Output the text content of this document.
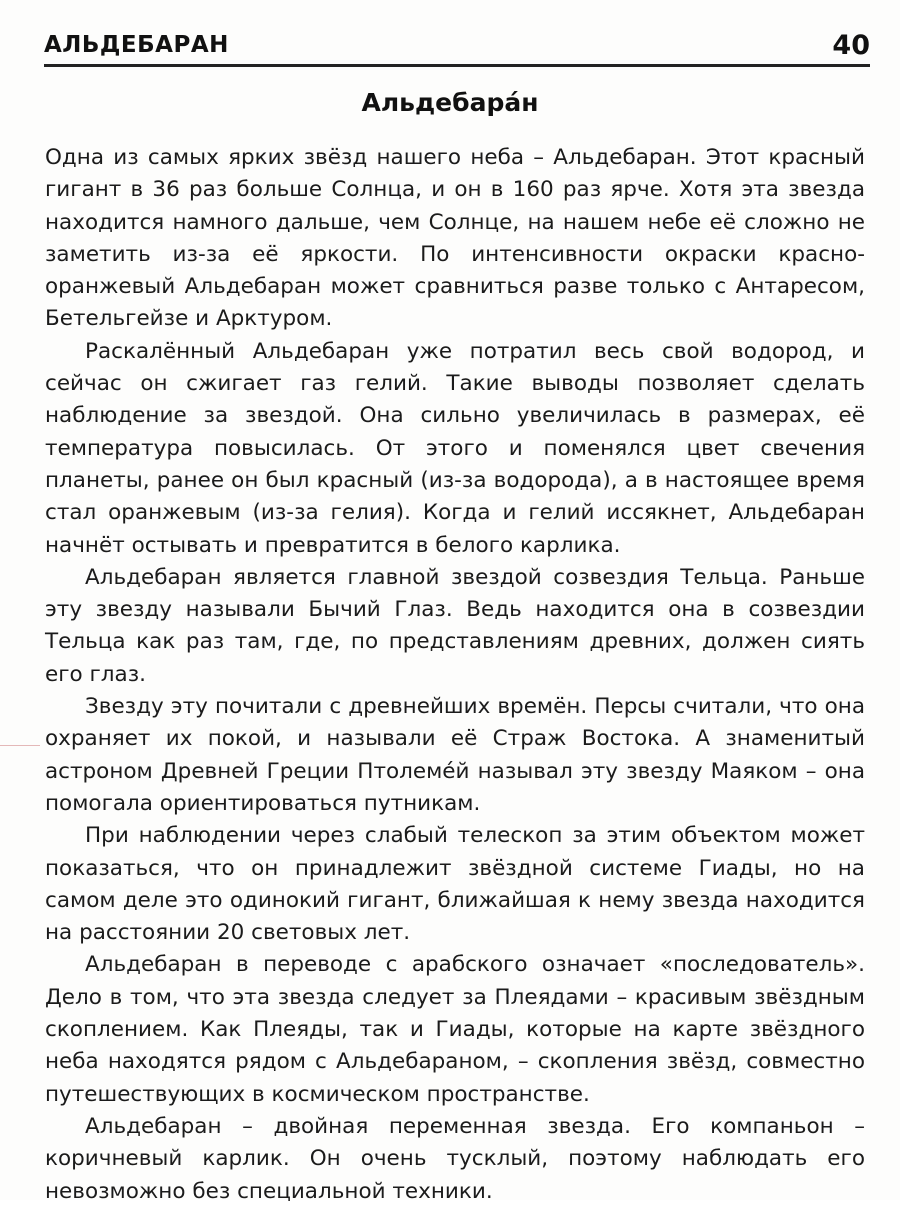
АЛЬДЕБАРАН	40
Альдебара́н

Одна из самых ярких звёзд нашего неба – Альдебаран. Этот красный гигант в 36 раз больше Солнца, и он в 160 раз ярче. Хотя эта звезда находится намного дальше, чем Солнце, на нашем небе её сложно не заметить из-за её яркости. По интенсивности окраски красно-оранжевый Альдебаран может сравниться разве только с Антаресом, Бетельгейзе и Арктуром.

Раскалённый Альдебаран уже потратил весь свой водород, и сейчас он сжигает газ гелий. Такие выводы позволяет сделать наблюдение за звездой. Она сильно увеличилась в размерах, её температура повысилась. От этого и поменялся цвет свечения планеты, ранее он был красный (из-за водорода), а в настоящее время стал оранжевым (из-за гелия). Когда и гелий иссякнет, Альдебаран начнёт остывать и превратится в белого карлика.

Альдебаран является главной звездой созвездия Тельца. Раньше эту звезду называли Бычий Глаз. Ведь находится она в созвездии Тельца как раз там, где, по представлениям древних, должен сиять его глаз.

Звезду эту почитали с древнейших времён. Персы считали, что она охраняет их покой, и называли её Страж Востока. А знаменитый астроном Древней Греции Птолеме́й называл эту звезду Маяком – она помогала ориентироваться путникам.

При наблюдении через слабый телескоп за этим объектом может показаться, что он принадлежит звёздной системе Гиады, но на самом деле это одинокий гигант, ближайшая к нему звезда находится на расстоянии 20 световых лет.

Альдебаран в переводе с арабского означает «последователь». Дело в том, что эта звезда следует за Плеядами – красивым звёздным скоплением. Как Плеяды, так и Гиады, которые на карте звёздного неба находятся рядом с Альдебараном, – скопления звёзд, совместно путешествующих в космическом пространстве.

Альдебаран – двойная переменная звезда. Его компаньон – коричневый карлик. Он очень тусклый, поэтому наблюдать его невозможно без специальной техники.
